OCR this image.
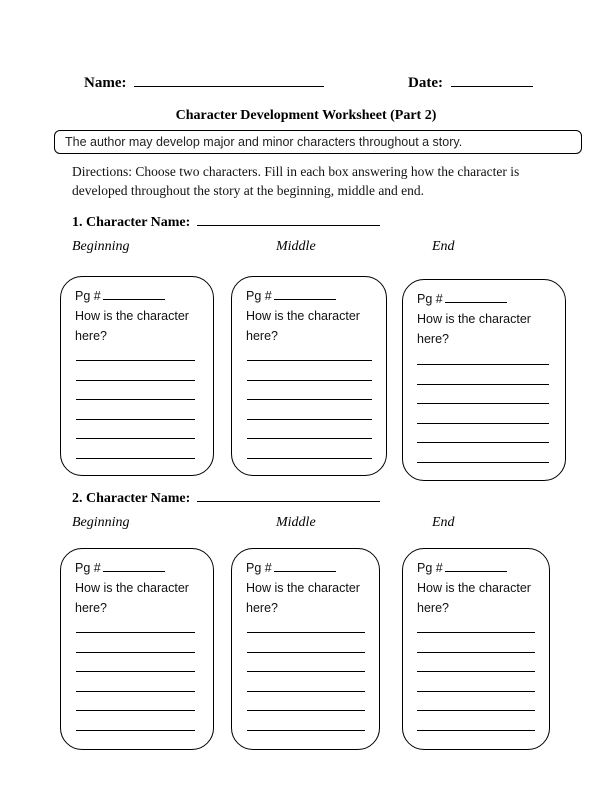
Name:	Date:
Character Development Worksheet (Part 2)
The author may develop major and minor characters throughout a story.
Directions: Choose two characters. Fill in each box answering how the character is developed throughout the story at the beginning, middle and end.
1. Character Name:
Beginning	Middle	End
Pg #
How is the character here?
Pg #
How is the character here?
Pg #
How is the character here?
2. Character Name:
Beginning	Middle	End
Pg #
How is the character here?
Pg #
How is the character here?
Pg #
How is the character here?
